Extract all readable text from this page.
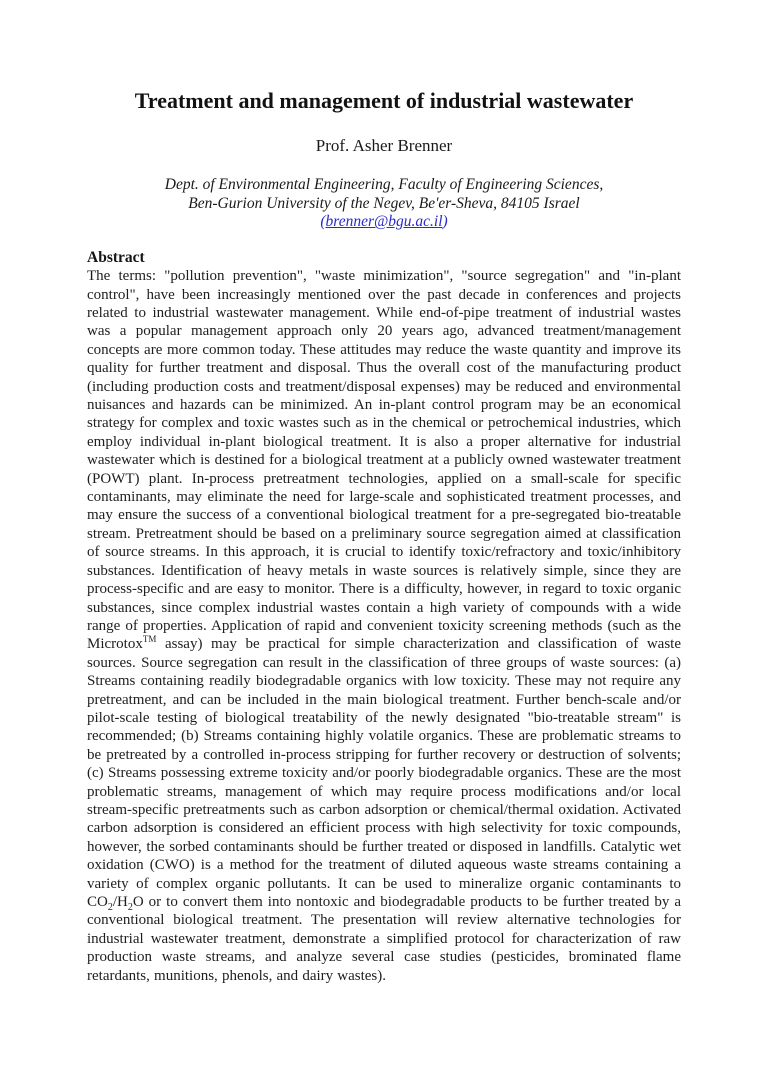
Treatment and management of industrial wastewater
Prof. Asher Brenner
Dept. of Environmental Engineering, Faculty of Engineering Sciences,
Ben-Gurion University of the Negev, Be'er-Sheva, 84105 Israel
(brenner@bgu.ac.il)
Abstract

The terms: "pollution prevention", "waste minimization", "source segregation" and "in-plant control", have been increasingly mentioned over the past decade in conferences and projects related to industrial wastewater management. While end-of-pipe treatment of industrial wastes was a popular management approach only 20 years ago, advanced treatment/management concepts are more common today. These attitudes may reduce the waste quantity and improve its quality for further treatment and disposal. Thus the overall cost of the manufacturing product (including production costs and treatment/disposal expenses) may be reduced and environmental nuisances and hazards can be minimized. An in-plant control program may be an economical strategy for complex and toxic wastes such as in the chemical or petrochemical industries, which employ individual in-plant biological treatment. It is also a proper alternative for industrial wastewater which is destined for a biological treatment at a publicly owned wastewater treatment (POWT) plant. In-process pretreatment technologies, applied on a small-scale for specific contaminants, may eliminate the need for large-scale and sophisticated treatment processes, and may ensure the success of a conventional biological treatment for a pre-segregated bio-treatable stream. Pretreatment should be based on a preliminary source segregation aimed at classification of source streams. In this approach, it is crucial to identify toxic/refractory and toxic/inhibitory substances. Identification of heavy metals in waste sources is relatively simple, since they are process-specific and are easy to monitor. There is a difficulty, however, in regard to toxic organic substances, since complex industrial wastes contain a high variety of compounds with a wide range of properties. Application of rapid and convenient toxicity screening methods (such as the Microtox™ assay) may be practical for simple characterization and classification of waste sources. Source segregation can result in the classification of three groups of waste sources: (a) Streams containing readily biodegradable organics with low toxicity. These may not require any pretreatment, and can be included in the main biological treatment. Further bench-scale and/or pilot-scale testing of biological treatability of the newly designated "bio-treatable stream" is recommended; (b) Streams containing highly volatile organics. These are problematic streams to be pretreated by a controlled in-process stripping for further recovery or destruction of solvents; (c) Streams possessing extreme toxicity and/or poorly biodegradable organics. These are the most problematic streams, management of which may require process modifications and/or local stream-specific pretreatments such as carbon adsorption or chemical/thermal oxidation. Activated carbon adsorption is considered an efficient process with high selectivity for toxic compounds, however, the sorbed contaminants should be further treated or disposed in landfills. Catalytic wet oxidation (CWO) is a method for the treatment of diluted aqueous waste streams containing a variety of complex organic pollutants. It can be used to mineralize organic contaminants to $CO_2/H_2O$ or to convert them into nontoxic and biodegradable products to be further treated by a conventional biological treatment. The presentation will review alternative technologies for industrial wastewater treatment, demonstrate a simplified protocol for characterization of raw production waste streams, and analyze several case studies (pesticides, brominated flame retardants, munitions, phenols, and dairy wastes).
